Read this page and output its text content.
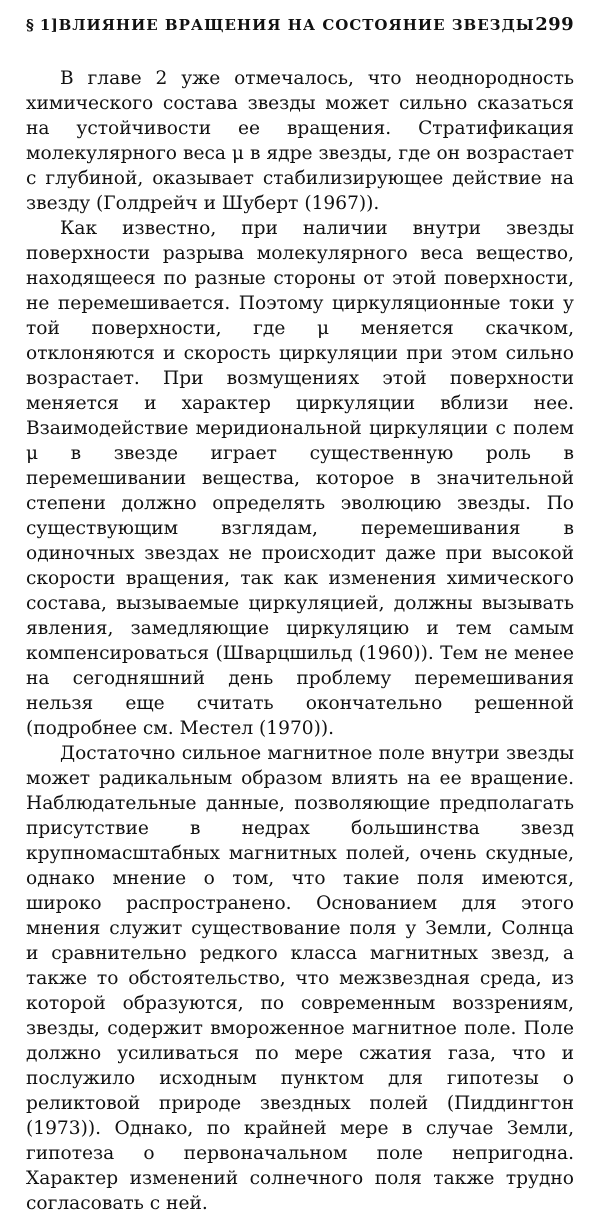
§ 1] ВЛИЯНИЕ ВРАЩЕНИЯ НА СОСТОЯНИЕ ЗВЕЗДЫ 299

В главе 2 уже отмечалось, что неоднородность химического состава звезды может сильно сказаться на устойчивости ее вращения. Стратификация молекулярного веса μ в ядре звезды, где он возрастает с глубиной, оказывает стабилизирующее действие на звезду (Голдрейч и Шуберт (1967)).

Как известно, при наличии внутри звезды поверхности разрыва молекулярного веса вещество, находящееся по разные стороны от этой поверхности, не перемешивается. Поэтому циркуляционные токи у той поверхности, где μ меняется скачком, отклоняются и скорость циркуляции при этом сильно возрастает. При возмущениях этой поверхности меняется и характер циркуляции вблизи нее. Взаимодействие меридиональной циркуляции с полем μ в звезде играет существенную роль в перемешивании вещества, которое в значительной степени должно определять эволюцию звезды. По существующим взглядам, перемешивания в одиночных звездах не происходит даже при высокой скорости вращения, так как изменения химического состава, вызываемые циркуляцией, должны вызывать явления, замедляющие циркуляцию и тем самым компенсироваться (Шварцшильд (1960)). Тем не менее на сегодняшний день проблему перемешивания нельзя еще считать окончательно решенной (подробнее см. Местел (1970)).

Достаточно сильное магнитное поле внутри звезды может радикальным образом влиять на ее вращение. Наблюдательные данные, позволяющие предполагать присутствие в недрах большинства звезд крупномасштабных магнитных полей, очень скудные, однако мнение о том, что такие поля имеются, широко распространено. Основанием для этого мнения служит существование поля у Земли, Солнца и сравнительно редкого класса магнитных звезд, а также то обстоятельство, что межзвездная среда, из которой образуются, по современным воззрениям, звезды, содержит вмороженное магнитное поле. Поле должно усиливаться по мере сжатия газа, что и послужило исходным пунктом для гипотезы о реликтовой природе звездных полей (Пиддингтон (1973)). Однако, по крайней мере в случае Земли, гипотеза о первоначальном поле непригодна. Характер изменений солнечного поля также трудно согласовать с ней.
